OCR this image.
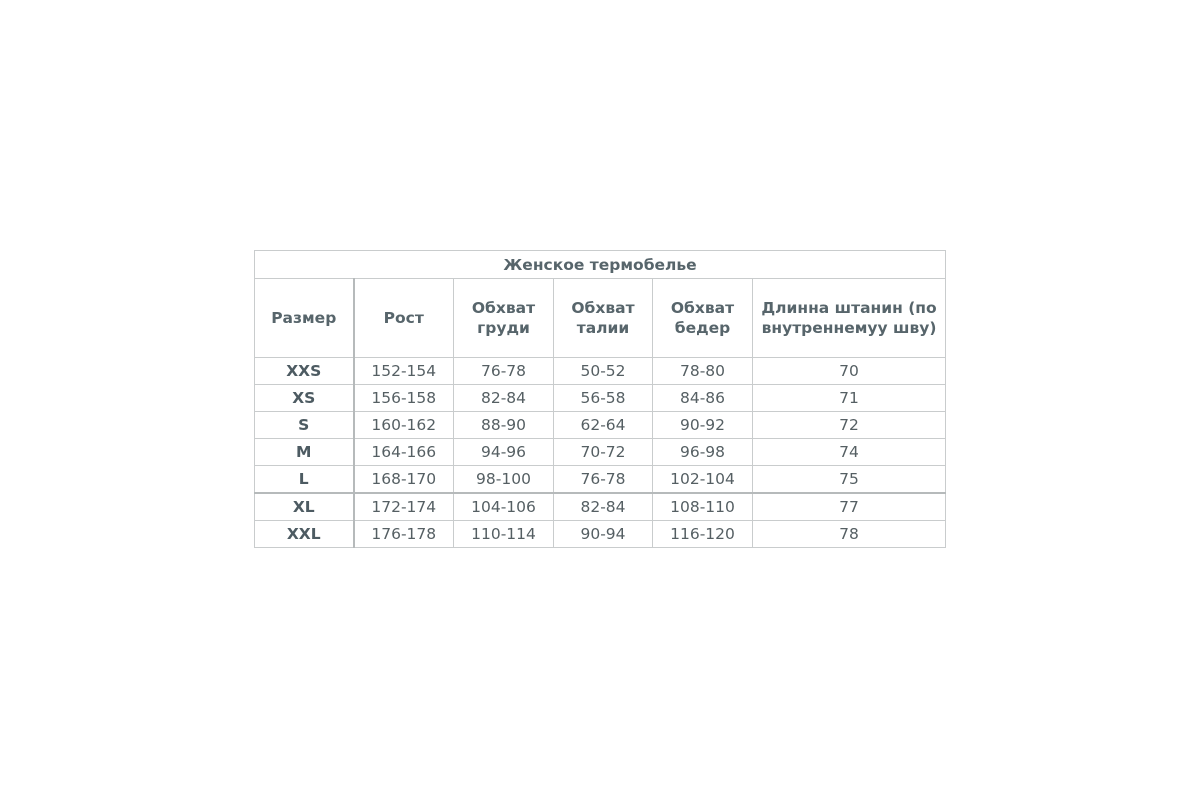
Женское термобелье					
Размер	Рост	Обхват груди	Обхват талии	Обхват бедер	Длинна штанин (по внутреннемуу шву)
XXS	152-154	76-78	50-52	78-80	70
XS	156-158	82-84	56-58	84-86	71
S	160-162	88-90	62-64	90-92	72
M	164-166	94-96	70-72	96-98	74
L	168-170	98-100	76-78	102-104	75
XL	172-174	104-106	82-84	108-110	77
XXL	176-178	110-114	90-94	116-120	78
